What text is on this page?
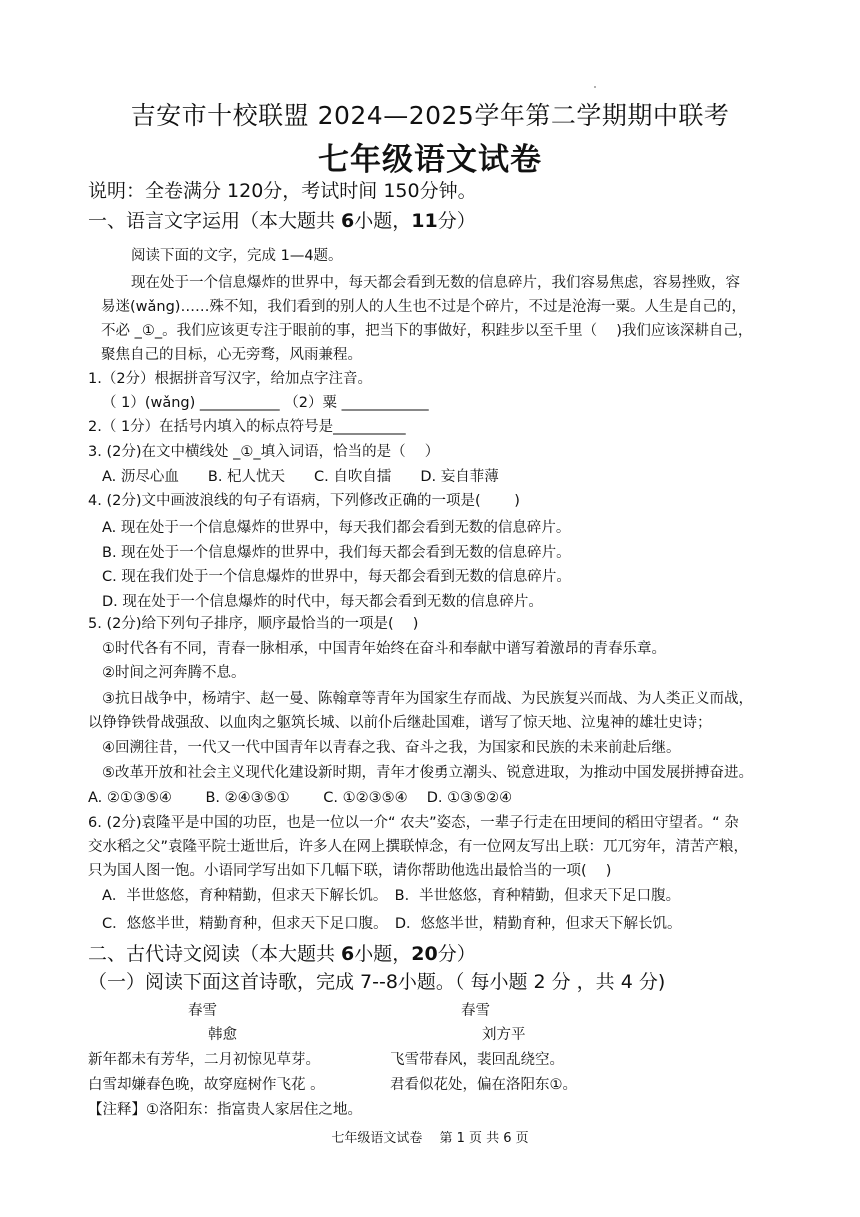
吉安市十校联盟 2024—2025学年第二学期期中联考
七年级语文试卷
说明：全卷满分 120分，考试时间 150分钟。
一、语言文字运用（本大题共 6小题，11分）
阅读下面的文字，完成 1—4题。
现在处于一个信息爆炸的世界中，每天都会看到无数的信息碎片，我们容易焦虑，容易挫败，容
易迷(wǎng)……殊不知，我们看到的别人的人生也不过是个碎片，不过是沧海一粟。人生是自己的，
不必 _①_。我们应该更专注于眼前的事，把当下的事做好，积跬步以至千里（　 )我们应该深耕自己，
聚焦自己的目标，心无旁骛，风雨兼程。
1.（2分）根据拼音写汉字，给加点字注音。
（ 1）(wǎng) ___________ （2）粟 ____________
2.（ 1分）在括号内填入的标点符号是__________
3. (2分)在文中横线处 _①_填入词语，恰当的是（　 ）
A. 沥尽心血　　B. 杞人忧天　　C. 自吹自擂　　D. 妄自菲薄
4. (2分)文中画波浪线的句子有语病，下列修改正确的一项是(　　 )
A. 现在处于一个信息爆炸的世界中，每天我们都会看到无数的信息碎片。
B. 现在处于一个信息爆炸的世界中，我们每天都会看到无数的信息碎片。
C. 现在我们处于一个信息爆炸的世界中，每天都会看到无数的信息碎片。
D. 现在处于一个信息爆炸的时代中，每天都会看到无数的信息碎片。
5. (2分)给下列句子排序，顺序最恰当的一项是(　 )
①时代各有不同，青春一脉相承，中国青年始终在奋斗和奉献中谱写着激昂的青春乐章。
②时间之河奔腾不息。
③抗日战争中，杨靖宇、赵一曼、陈翰章等青年为国家生存而战、为民族复兴而战、为人类正义而战，
以铮铮铁骨战强敌、以血肉之躯筑长城、以前仆后继赴国难，谱写了惊天地、泣鬼神的雄壮史诗；
④回溯往昔，一代又一代中国青年以青春之我、奋斗之我，为国家和民族的未来前赴后继。
⑤改革开放和社会主义现代化建设新时期，青年才俊勇立潮头、锐意进取，为推动中国发展拼搏奋进。
A. ②①③⑤④　　 B. ②④③⑤①　　 C. ①②③⑤④　 D. ①③⑤②④
6. (2分)袁隆平是中国的功臣，也是一位以一介“ 农夫”姿态，一辈子行走在田埂间的稻田守望者。“ 杂
交水稻之父”袁隆平院士逝世后，许多人在网上撰联悼念，有一位网友写出上联：兀兀穷年，清苦产粮，
只为国人图一饱。小语同学写出如下几幅下联，请你帮助他选出最恰当的一项(　 )
A．半世悠悠，育种精勤，但求天下解长饥。　B．半世悠悠，育种精勤，但求天下足口腹。
C．悠悠半世，精勤育种，但求天下足口腹。　D．悠悠半世，精勤育种，但求天下解长饥。
二、古代诗文阅读（本大题共 6小题，20分）
（一）阅读下面这首诗歌，完成 7--8小题。（ 每小题 2 分 ，共 4 分)
春雪
韩愈
新年都未有芳华，二月初惊见草芽。
白雪却嫌春色晚，故穿庭树作飞花 。
春雪
刘方平
飞雪带春风，裴回乱绕空。
君看似花处，偏在洛阳东①。
【注释】①洛阳东：指富贵人家居住之地。
七年级语文试卷　 第 1 页 共 6 页
